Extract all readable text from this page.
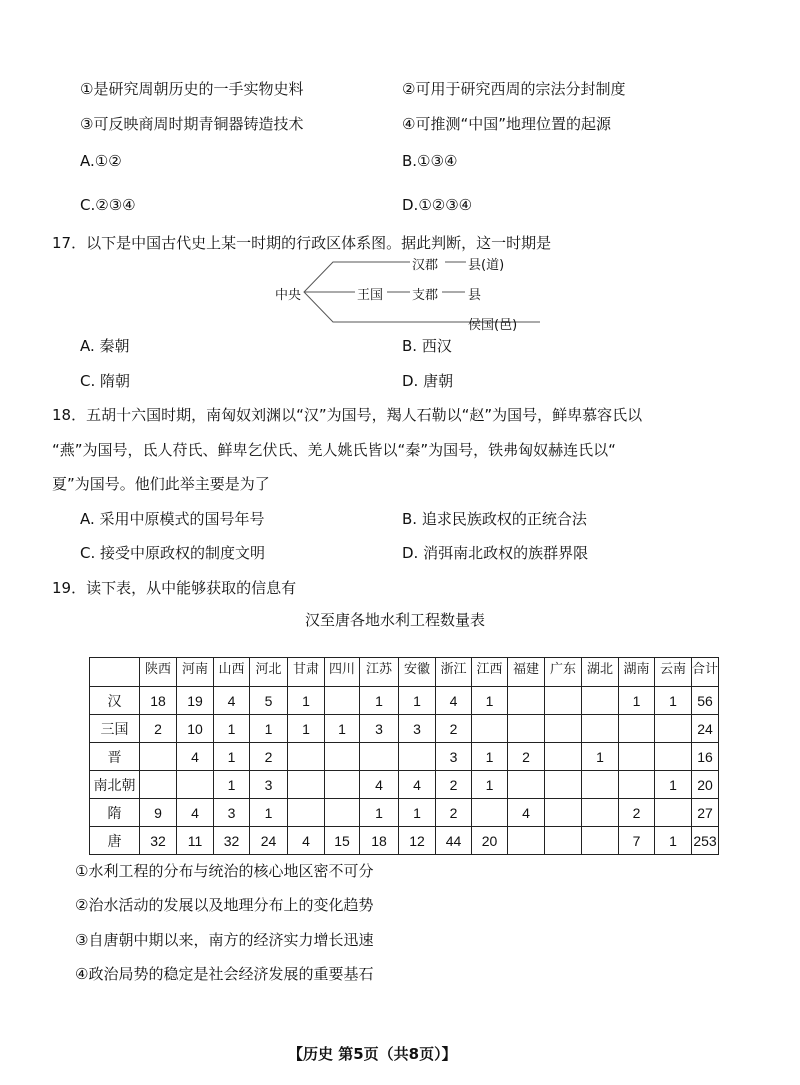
①是研究周朝历史的一手实物史料	②可用于研究西周的宗法分封制度
③可反映商周时期青铜器铸造技术	④可推测“中国”地理位置的起源
A.①②	B.①③④
C.②③④	D.①②③④
17．以下是中国古代史上某一时期的行政区体系图。据此判断，这一时期是
中央
汉郡 县(道)
王国 支郡 县
侯国(邑)
A. 秦朝	B. 西汉
C. 隋朝	D. 唐朝
18．五胡十六国时期，南匈奴刘渊以“汉”为国号，羯人石勒以“赵”为国号，鲜卑慕容氏以
“燕”为国号，氐人苻氏、鲜卑乞伏氏、羌人姚氏皆以“秦”为国号，铁弗匈奴赫连氏以“
夏”为国号。他们此举主要是为了
A. 采用中原模式的国号年号	B. 追求民族政权的正统合法
C. 接受中原政权的制度文明	D. 消弭南北政权的族群界限
19．读下表，从中能够获取的信息有
汉至唐各地水利工程数量表
	陕西	河南	山西	河北	甘肃	四川	江苏	安徽	浙江	江西	福建	广东	湖北	湖南	云南	合计
汉	18	19	4	5	1		1	1	4	1				1	1	56
三国	2	10	1	1	1	1	3	3	2							24
晋		4	1	2					3	1	2		1			16
南北朝			1	3			4	4	2	1					1	20
隋	9	4	3	1			1	1	2		4			2		27
唐	32	11	32	24	4	15	18	12	44	20				7	1	253
①水利工程的分布与统治的核心地区密不可分
②治水活动的发展以及地理分布上的变化趋势
③自唐朝中期以来，南方的经济实力增长迅速
④政治局势的稳定是社会经济发展的重要基石
【历史 第5页（共8页）】
